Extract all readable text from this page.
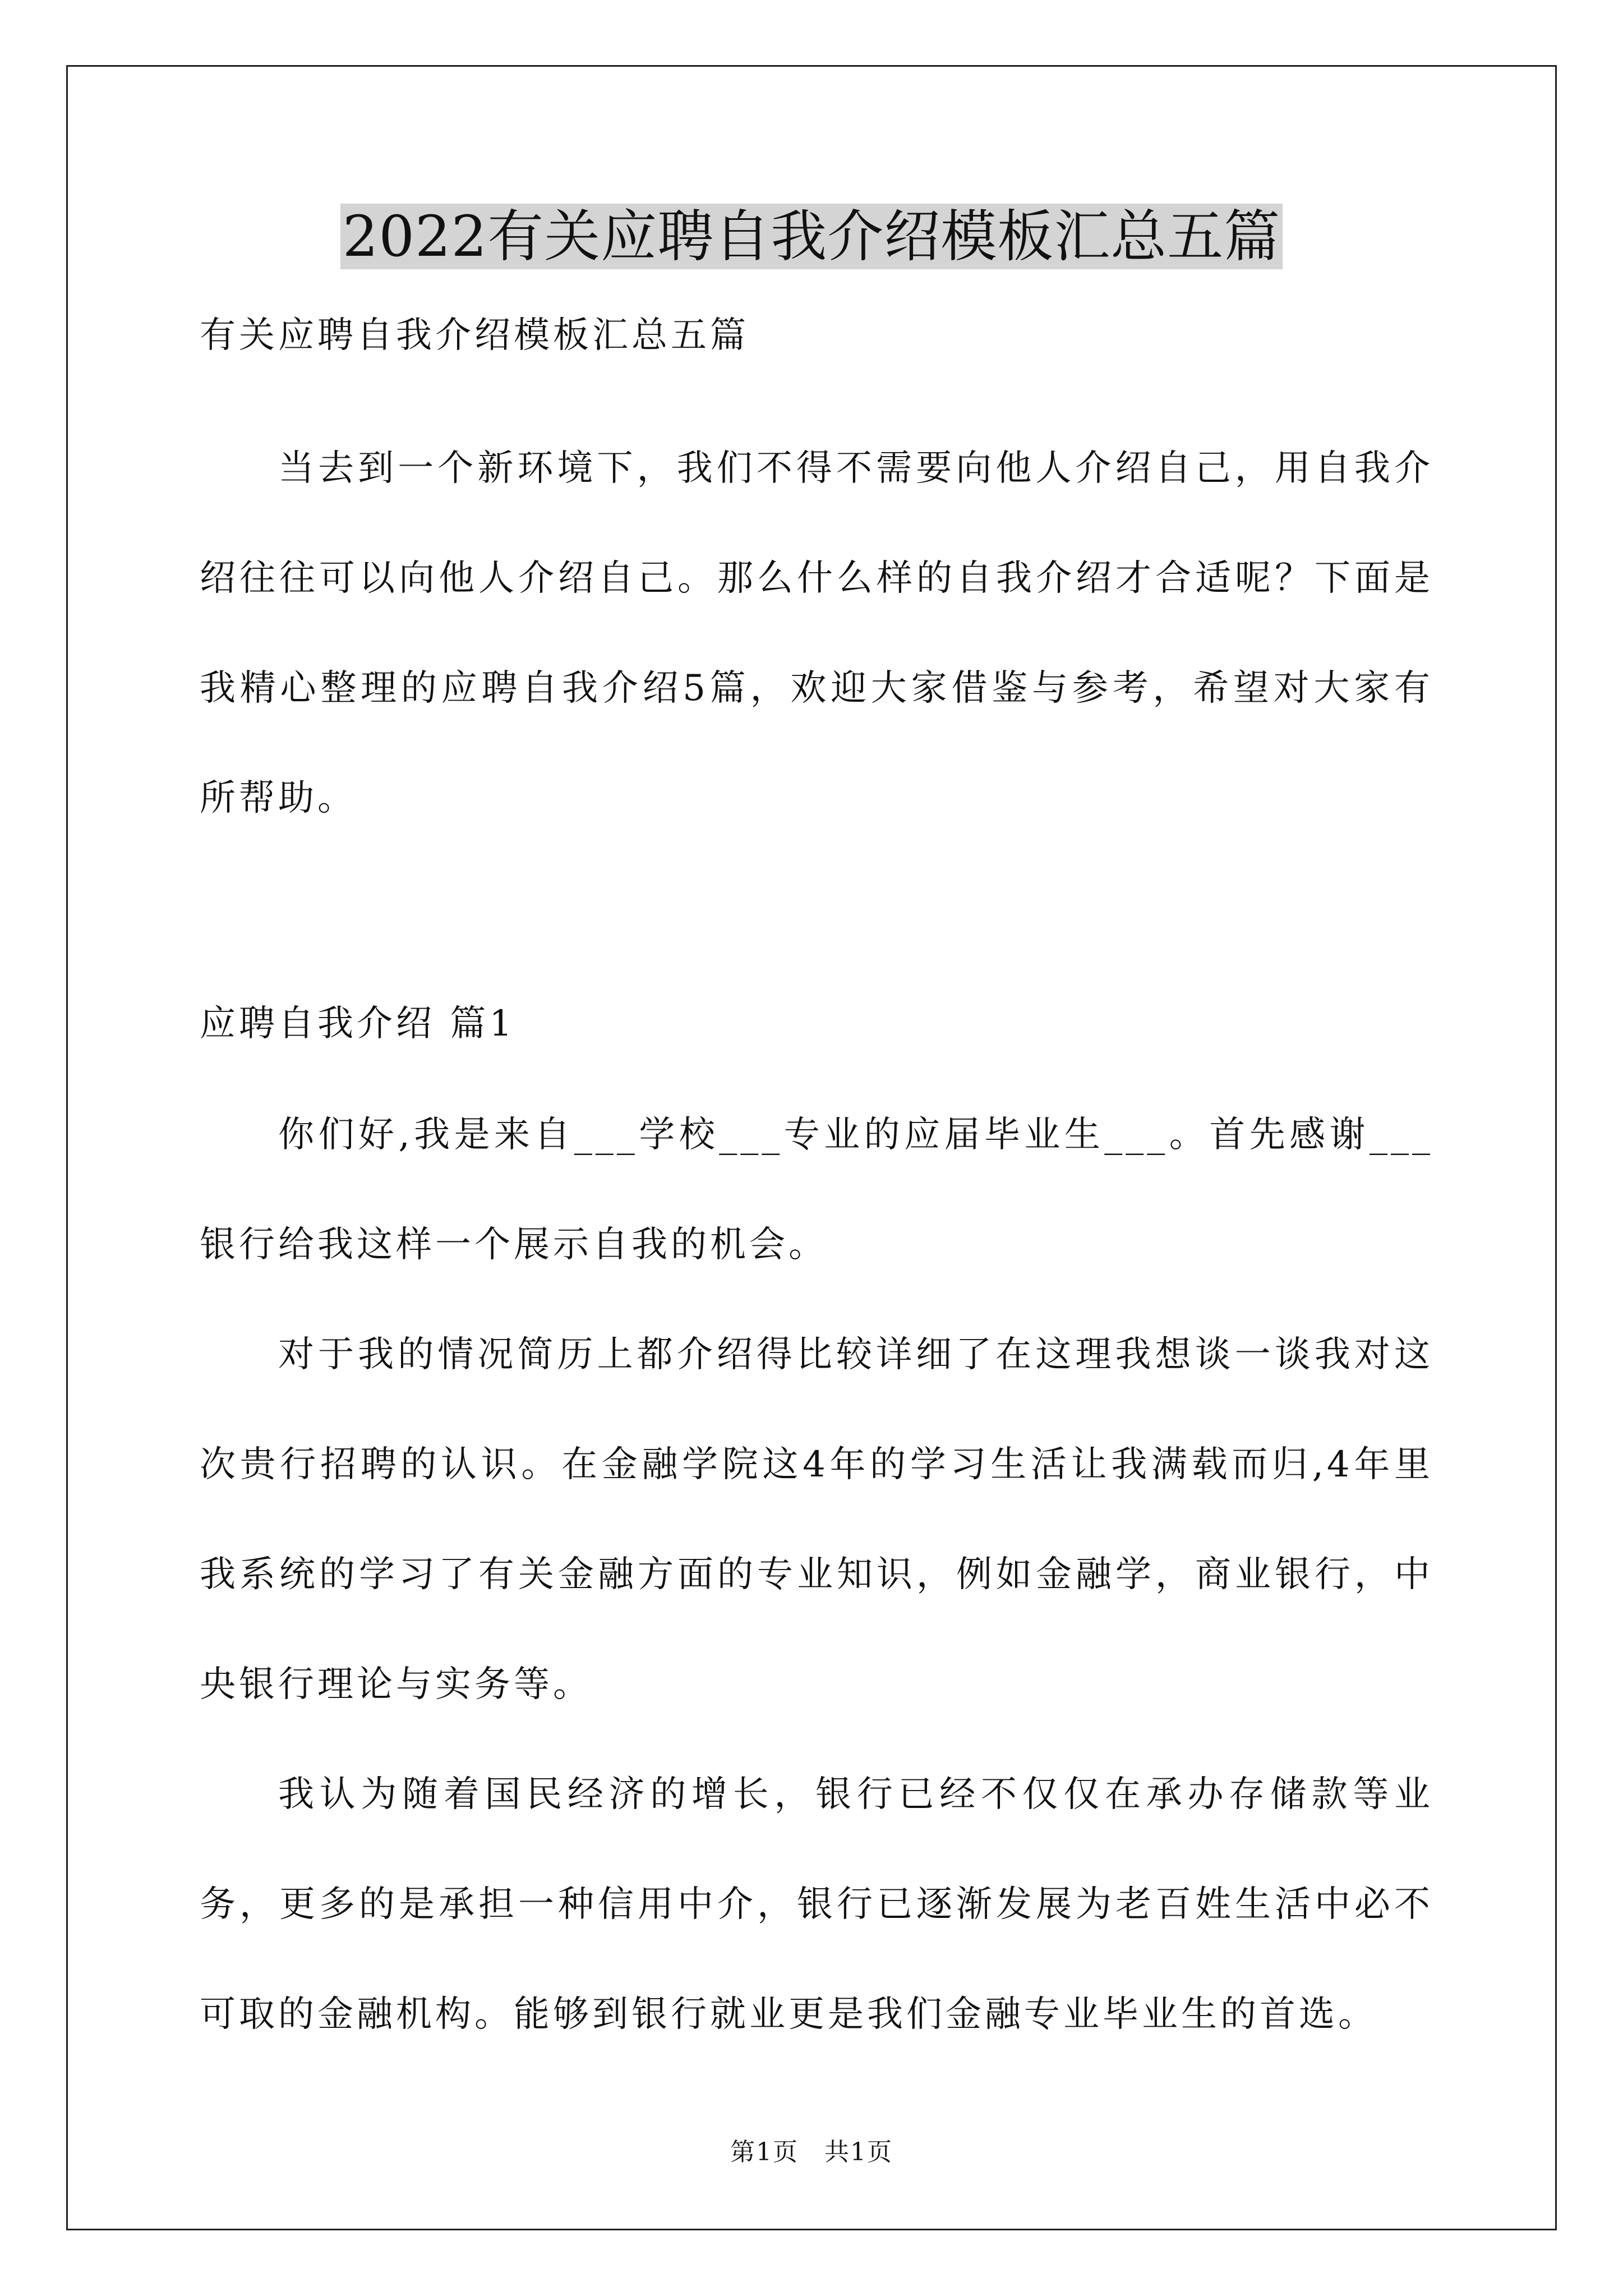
2022有关应聘自我介绍模板汇总五篇
有关应聘自我介绍模板汇总五篇

当去到一个新环境下，我们不得不需要向他人介绍自己，用自我介绍往往可以向他人介绍自己。那么什么样的自我介绍才合适呢？下面是我精心整理的应聘自我介绍5篇，欢迎大家借鉴与参考，希望对大家有所帮助。

应聘自我介绍 篇1

你们好,我是来自___学校___专业的应届毕业生___。首先感谢___银行给我这样一个展示自我的机会。

对于我的情况简历上都介绍得比较详细了在这理我想谈一谈我对这次贵行招聘的认识。在金融学院这4年的学习生活让我满载而归,4年里我系统的学习了有关金融方面的专业知识，例如金融学，商业银行，中央银行理论与实务等。

我认为随着国民经济的增长，银行已经不仅仅在承办存储款等业务，更多的是承担一种信用中介，银行已逐渐发展为老百姓生活中必不可取的金融机构。能够到银行就业更是我们金融专业毕业生的首选。

第1页　共1页
